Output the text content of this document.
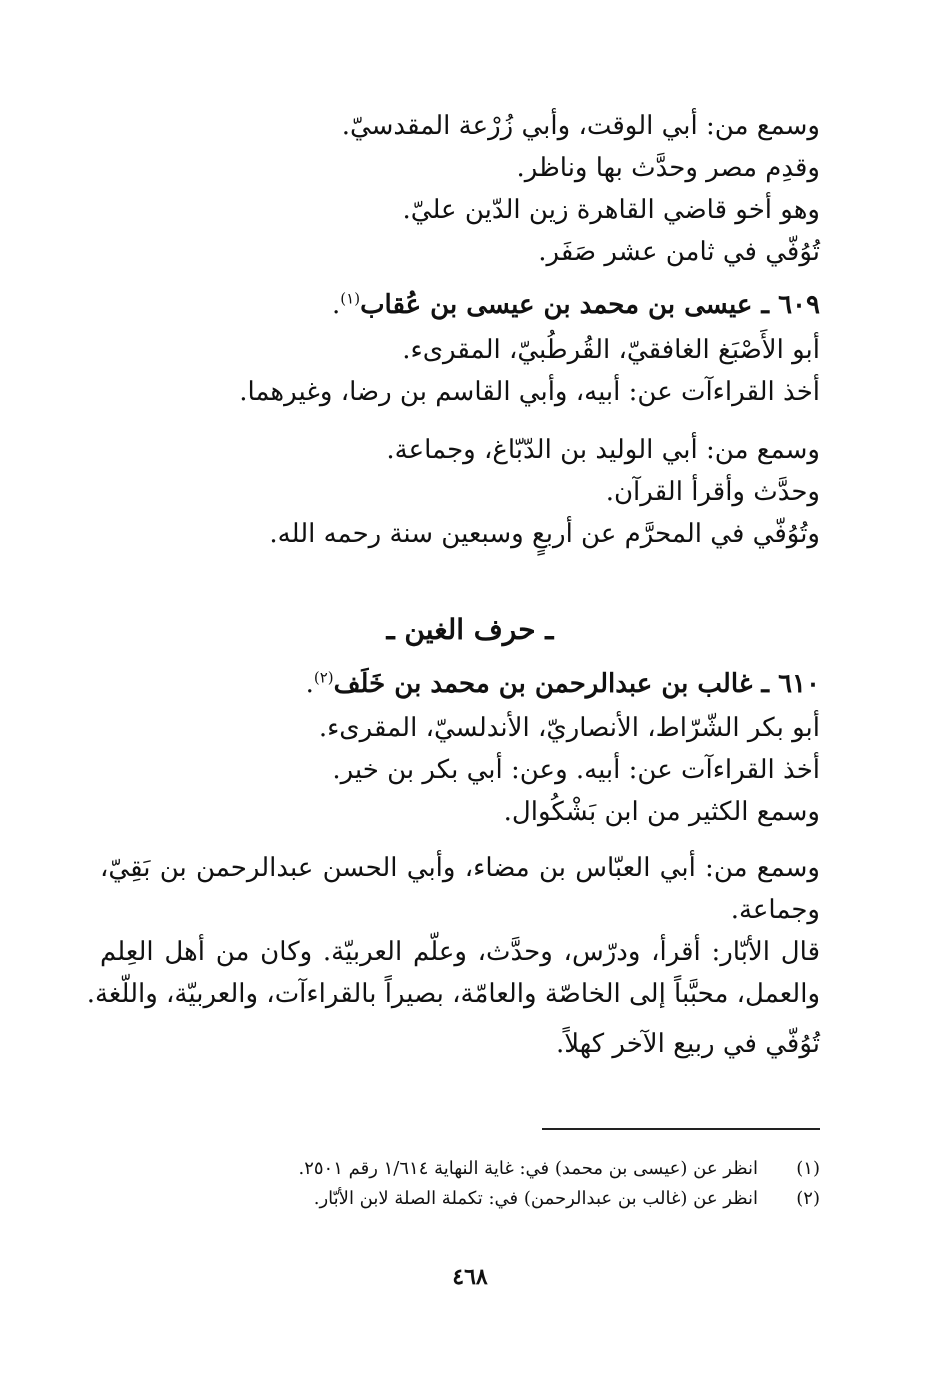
وسمع من: أبي الوقت، وأبي زُرْعة المقدسيّ.
وقدِم مصر وحدَّث بها وناظر.
وهو أخو قاضي القاهرة زين الدّين عليّ.
تُوُفّي في ثامن عشر صَفَر.
٦٠٩ ـ عيسى بن محمد بن عيسى بن عُقاب$^{(١)}$.
أبو الأَصْبَغ الغافقيّ، القُرطُبيّ، المقرىء.
أخذ القراءآت عن: أبيه، وأبي القاسم بن رضا، وغيرهما.
وسمع من: أبي الوليد بن الدّبّاغ، وجماعة.
وحدَّث وأقرأ القرآن.
وتُوُفّي في المحرَّم عن أربعٍ وسبعين سنة رحمه الله.
ـ حرف الغين ـ
٦١٠ ـ غالب بن عبدالرحمن بن محمد بن خَلَف$^{(٢)}$.
أبو بكر الشّرّاط، الأنصاريّ، الأندلسيّ، المقرىء.
أخذ القراءآت عن: أبيه. وعن: أبي بكر بن خير.
وسمع الكثير من ابن بَشْكُوال.
وسمع من: أبي العبّاس بن مضاء، وأبي الحسن عبدالرحمن بن بَقِيّ،
وجماعة.
قال الأبّار: أقرأ، ودرّس، وحدَّث، وعلّم العربيّة. وكان من أهل العِلم
والعمل، محبَّباً إلى الخاصّة والعامّة، بصيراً بالقراءآت، والعربيّة، واللّغة.
تُوُفّي في ربيع الآخر كهلاً.
(١)انظر عن (عيسى بن محمد) في: غاية النهاية ١/٦١٤ رقم ٢٥٠١.
(٢)انظر عن (غالب بن عبدالرحمن) في: تكملة الصلة لابن الأبّار.
٤٦٨
